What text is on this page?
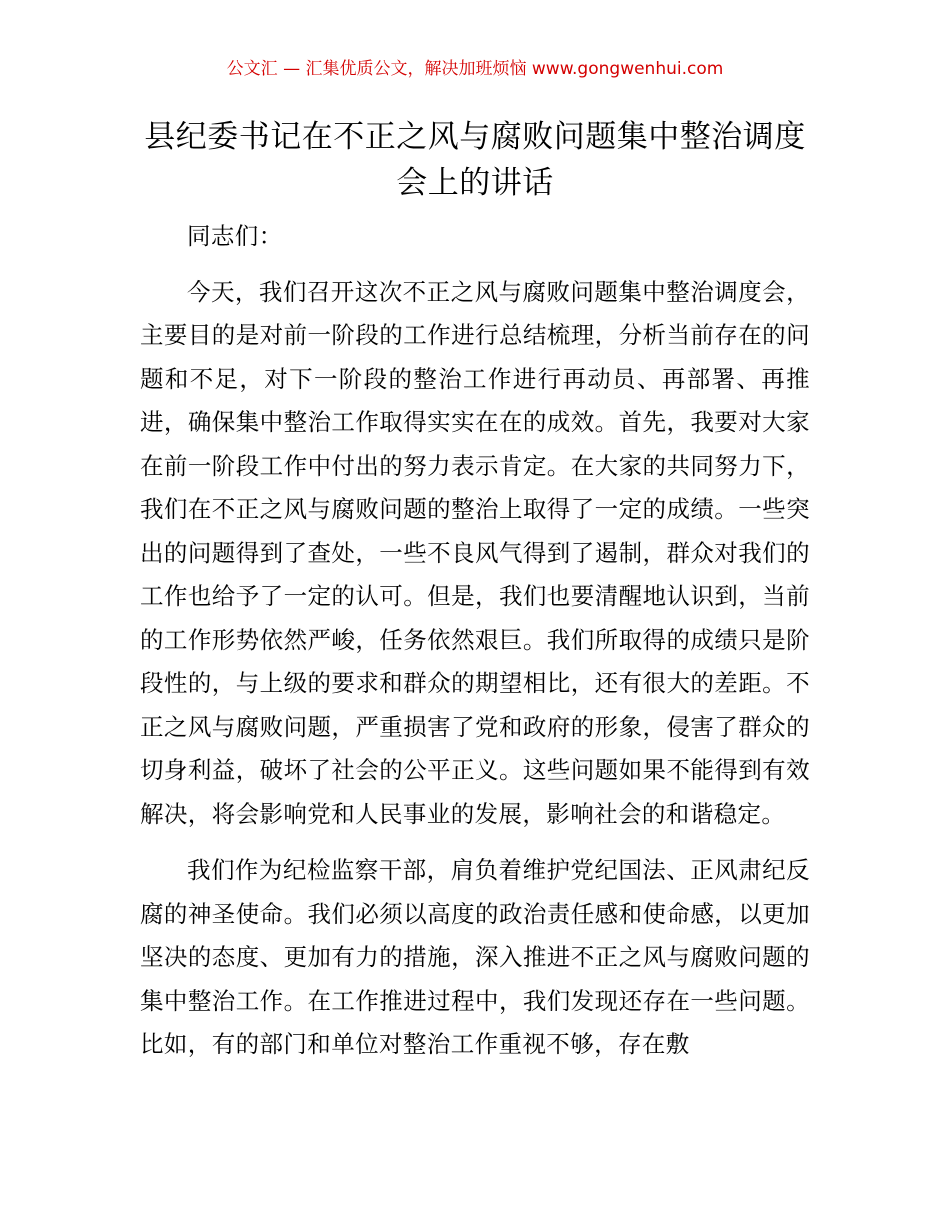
公文汇 — 汇集优质公文，解决加班烦恼 www.gongwenhui.com
县纪委书记在不正之风与腐败问题集中整治调度会上的讲话

同志们：

今天，我们召开这次不正之风与腐败问题集中整治调度会，主要目的是对前一阶段的工作进行总结梳理，分析当前存在的问题和不足，对下一阶段的整治工作进行再动员、再部署、再推进，确保集中整治工作取得实实在在的成效。首先，我要对大家在前一阶段工作中付出的努力表示肯定。在大家的共同努力下，我们在不正之风与腐败问题的整治上取得了一定的成绩。一些突出的问题得到了查处，一些不良风气得到了遏制，群众对我们的工作也给予了一定的认可。但是，我们也要清醒地认识到，当前的工作形势依然严峻，任务依然艰巨。我们所取得的成绩只是阶段性的，与上级的要求和群众的期望相比，还有很大的差距。不正之风与腐败问题，严重损害了党和政府的形象，侵害了群众的切身利益，破坏了社会的公平正义。这些问题如果不能得到有效解决，将会影响党和人民事业的发展，影响社会的和谐稳定。

我们作为纪检监察干部，肩负着维护党纪国法、正风肃纪反腐的神圣使命。我们必须以高度的政治责任感和使命感，以更加坚决的态度、更加有力的措施，深入推进不正之风与腐败问题的集中整治工作。在工作推进过程中，我们发现还存在一些问题。比如，有的部门和单位对整治工作重视不够，存在敷
